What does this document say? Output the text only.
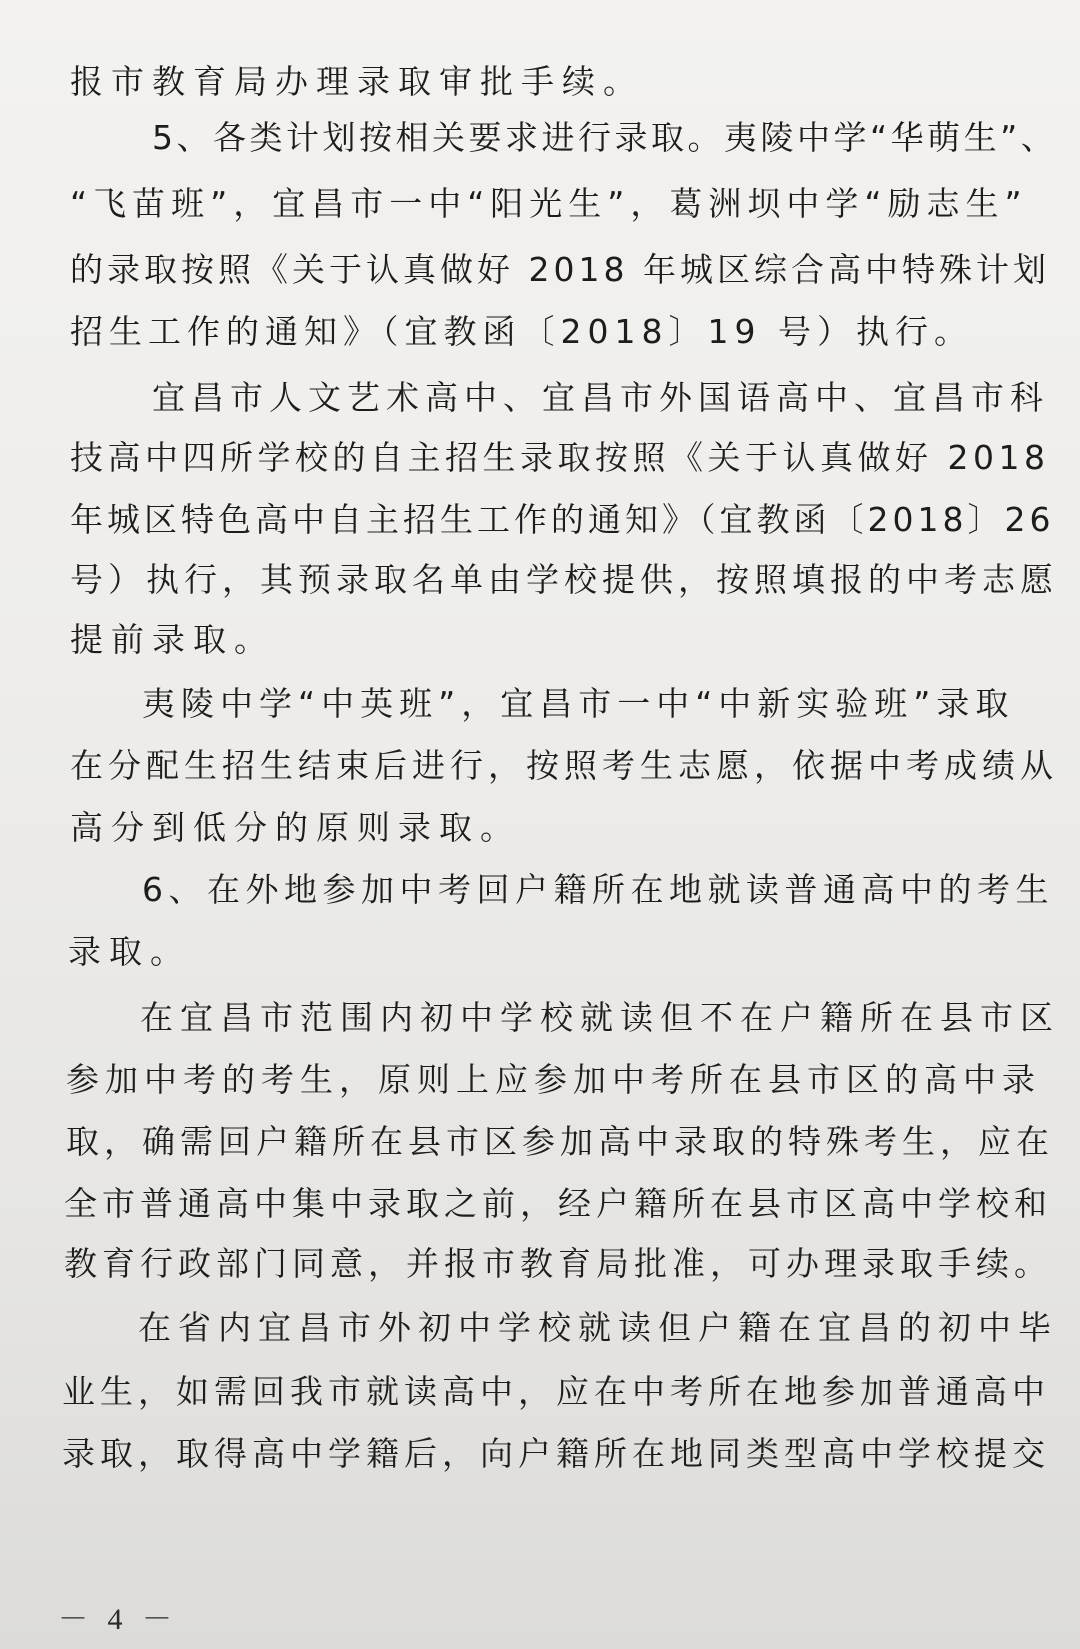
报市教育局办理录取审批手续。
5、各类计划按相关要求进行录取。夷陵中学“华萌生”、
“飞苗班”，宜昌市一中“阳光生”，葛洲坝中学“励志生”
的录取按照《关于认真做好 2018 年城区综合高中特殊计划
招生工作的通知》（宜教函〔2018〕19 号）执行。
宜昌市人文艺术高中、宜昌市外国语高中、宜昌市科
技高中四所学校的自主招生录取按照《关于认真做好 2018
年城区特色高中自主招生工作的通知》（宜教函〔2018〕26
号）执行，其预录取名单由学校提供，按照填报的中考志愿
提前录取。
夷陵中学“中英班”，宜昌市一中“中新实验班”录取
在分配生招生结束后进行，按照考生志愿，依据中考成绩从
高分到低分的原则录取。
6、在外地参加中考回户籍所在地就读普通高中的考生
录取。
在宜昌市范围内初中学校就读但不在户籍所在县市区
参加中考的考生，原则上应参加中考所在县市区的高中录
取，确需回户籍所在县市区参加高中录取的特殊考生，应在
全市普通高中集中录取之前，经户籍所在县市区高中学校和
教育行政部门同意，并报市教育局批准，可办理录取手续。
在省内宜昌市外初中学校就读但户籍在宜昌的初中毕
业生，如需回我市就读高中，应在中考所在地参加普通高中
录取，取得高中学籍后，向户籍所在地同类型高中学校提交
－ 4 －
